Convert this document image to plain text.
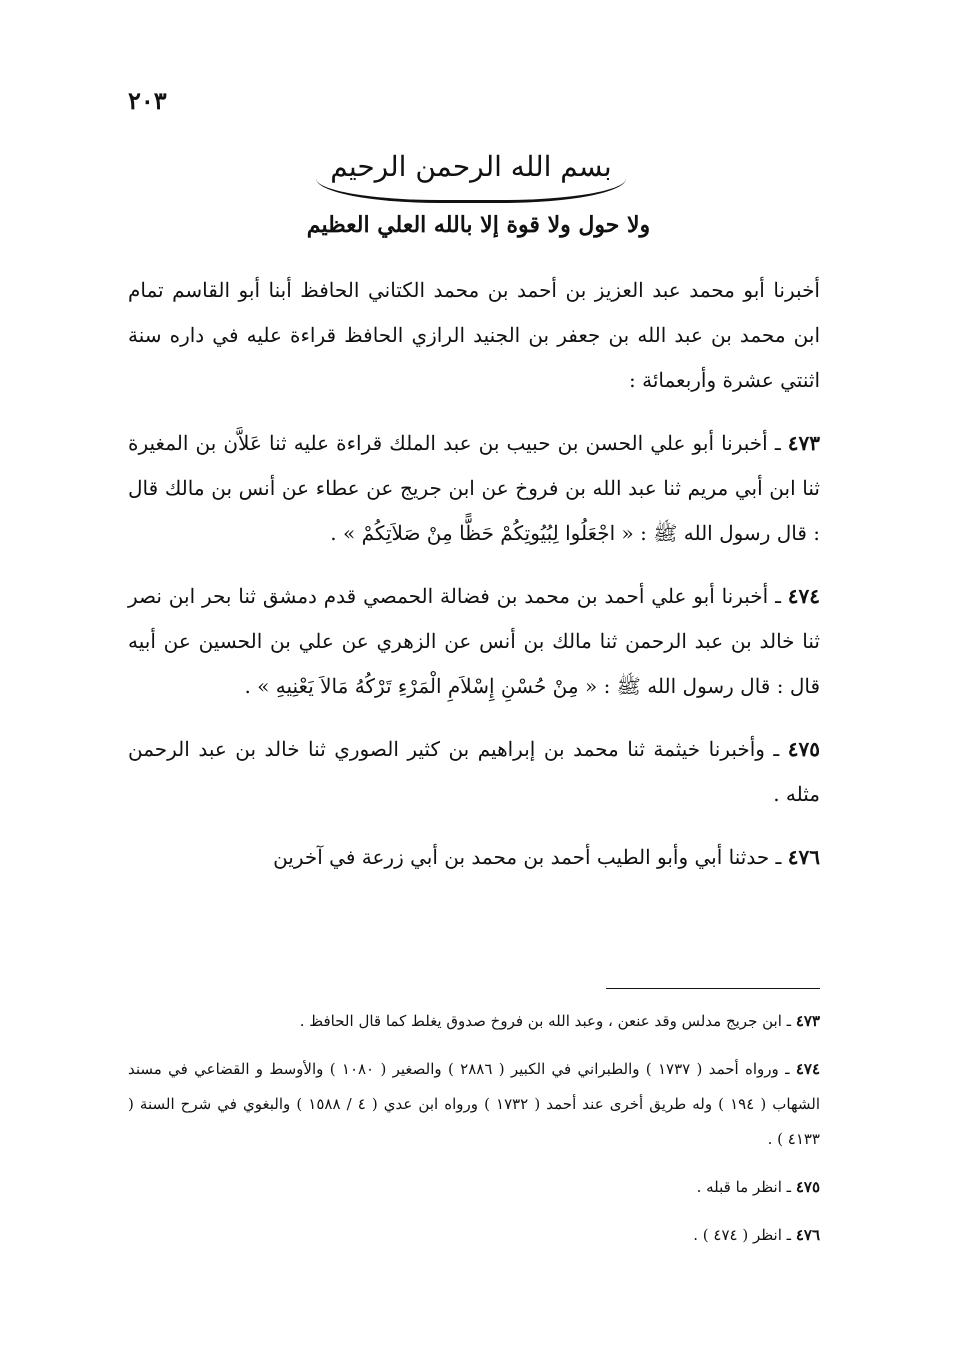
٢٠٣
بسم الله الرحمن الرحيم
ولا حول ولا قوة إلا بالله العلي العظيم

أخبرنا أبو محمد عبد العزيز بن أحمد بن محمد الكتاني الحافظ أبنا أبو القاسم تمام ابن محمد بن عبد الله بن جعفر بن الجنيد الرازي الحافظ قراءة عليه في داره سنة اثنتي عشرة وأربعمائة :

٤٧٣ ـ أخبرنا أبو علي الحسن بن حبيب بن عبد الملك قراءة عليه ثنا عَلاَّن بن المغيرة ثنا ابن أبي مريم ثنا عبد الله بن فروخ عن ابن جريج عن عطاء عن أنس بن مالك قال : قال رسول الله ﷺ : « اجْعَلُوا لِبُيُوتِكُمْ حَظًّا مِنْ صَلاَتِكُمْ » .

٤٧٤ ـ أخبرنا أبو علي أحمد بن محمد بن فضالة الحمصي قدم دمشق ثنا بحر ابن نصر ثنا خالد بن عبد الرحمن ثنا مالك بن أنس عن الزهري عن علي بن الحسين عن أبيه قال : قال رسول الله ﷺ : « مِنْ حُسْنِ إِسْلاَمِ الْمَرْءِ تَرْكُهُ مَالاَ يَعْنِيهِ » .

٤٧٥ ـ وأخبرنا خيثمة ثنا محمد بن إبراهيم بن كثير الصوري ثنا خالد بن عبد الرحمن مثله .

٤٧٦ ـ حدثنا أبي وأبو الطيب أحمد بن محمد بن أبي زرعة في آخرين

٤٧٣ ـ ابن جريج مدلس وقد عنعن ، وعبد الله بن فروخ صدوق يغلط كما قال الحافظ .

٤٧٤ ـ ورواه أحمد ( ١٧٣٧ ) والطبراني في الكبير ( ٢٨٨٦ ) والصغير ( ١٠٨٠ ) والأوسط و القضاعي في مسند الشهاب ( ١٩٤ ) وله طريق أخرى عند أحمد ( ١٧٣٢ ) ورواه ابن عدي ( ٤ / ١٥٨٨ ) والبغوي في شرح السنة ( ٤١٣٣ ) .

٤٧٥ ـ انظر ما قبله .

٤٧٦ ـ انظر ( ٤٧٤ ) .
